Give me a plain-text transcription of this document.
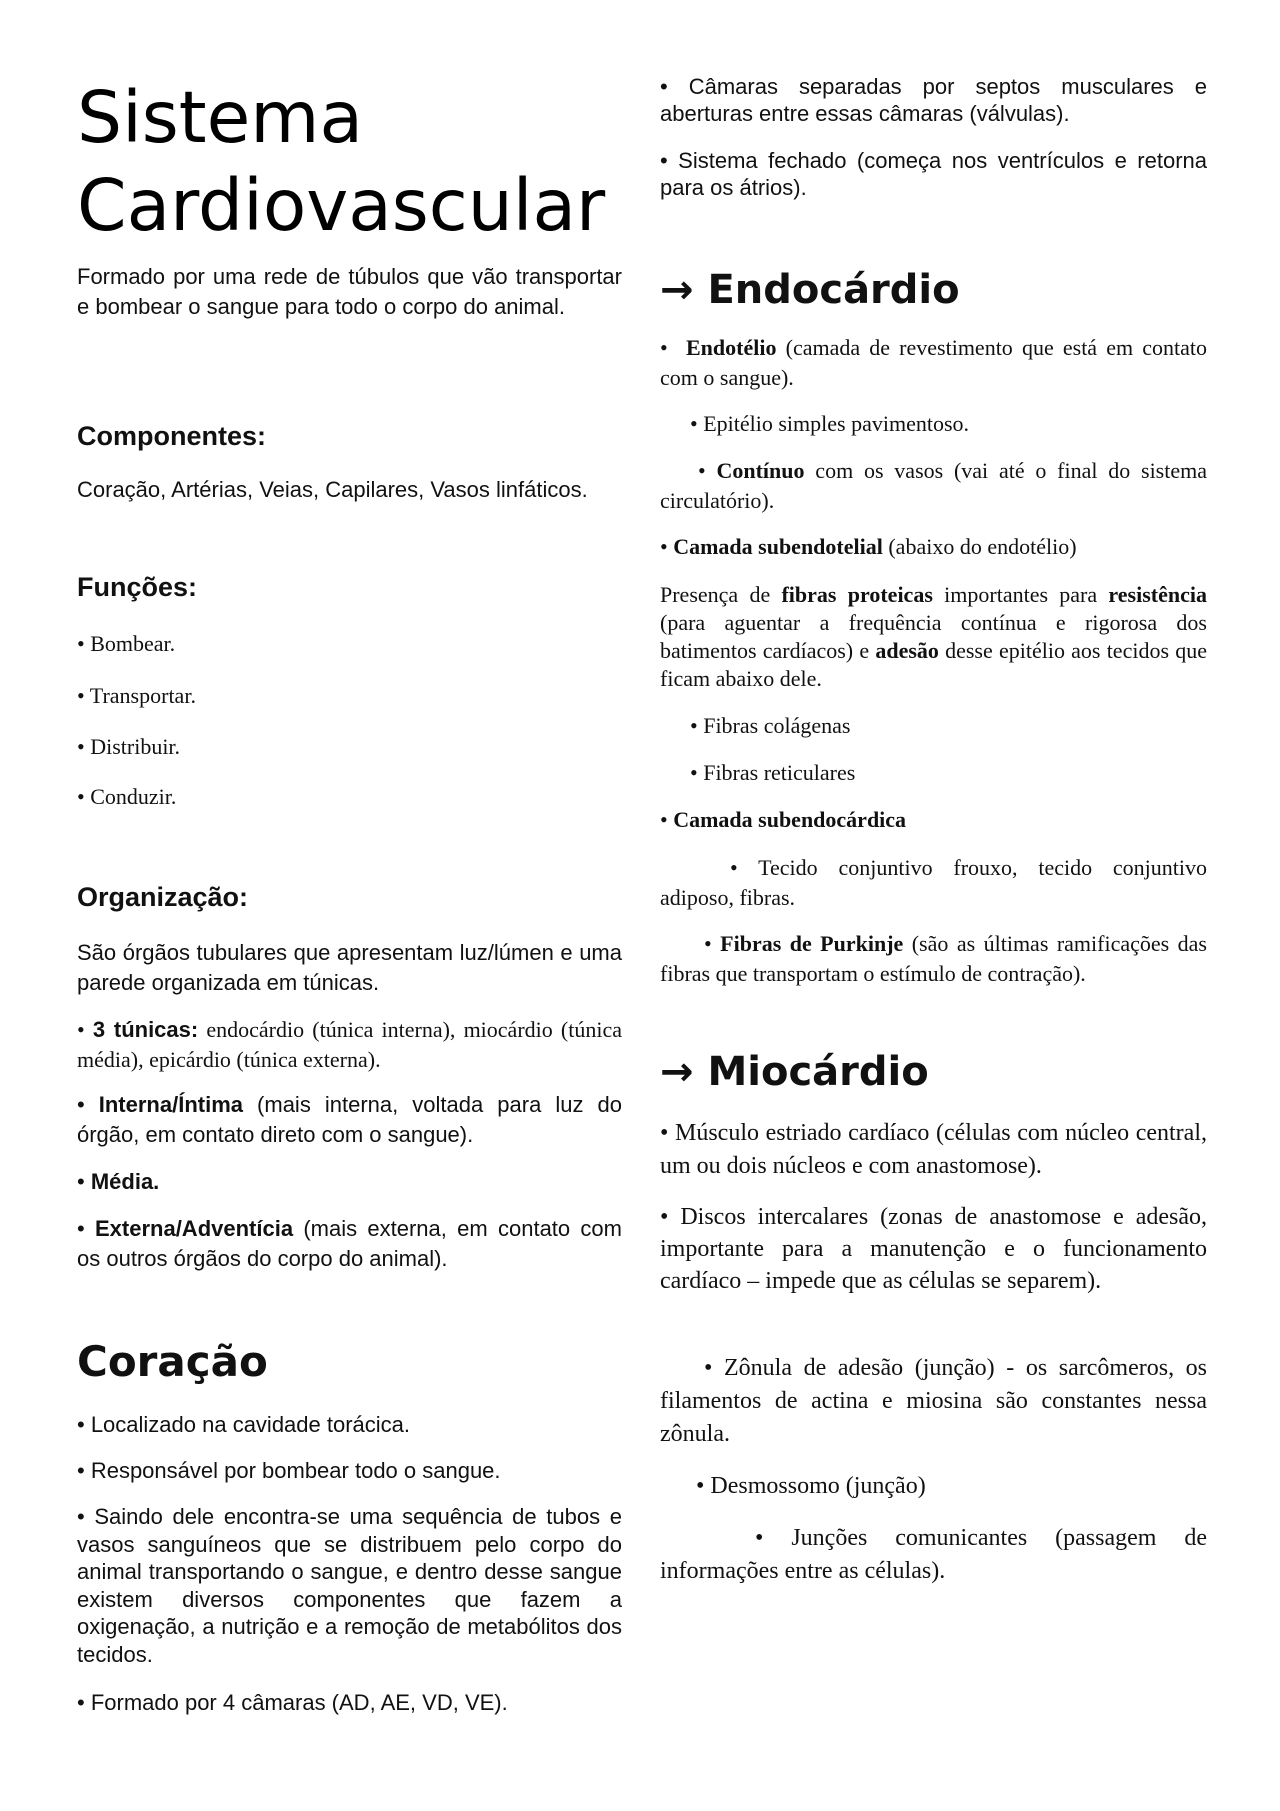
Sistema Cardiovascular

Formado por uma rede de túbulos que vão transportar e bombear o sangue para todo o corpo do animal.

Componentes:

Coração, Artérias, Veias, Capilares, Vasos linfáticos.

Funções:

• Bombear.

• Transportar.

• Distribuir.

• Conduzir.

Organização:

São órgãos tubulares que apresentam luz/lúmen e uma parede organizada em túnicas.

• 3 túnicas: endocárdio (túnica interna), miocárdio (túnica média), epicárdio (túnica externa).

• Interna/Íntima (mais interna, voltada para luz do órgão, em contato direto com o sangue).

• Média.

• Externa/Adventícia (mais externa, em contato com os outros órgãos do corpo do animal).

Coração

• Localizado na cavidade torácica.

• Responsável por bombear todo o sangue.

• Saindo dele encontra-se uma sequência de tubos e vasos sanguíneos que se distribuem pelo corpo do animal transportando o sangue, e dentro desse sangue existem diversos componentes que fazem a oxigenação, a nutrição e a remoção de metabólitos dos tecidos.

• Formado por 4 câmaras (AD, AE, VD, VE).

• Câmaras separadas por septos musculares e aberturas entre essas câmaras (válvulas).

• Sistema fechado (começa nos ventrículos e retorna para os átrios).

→ Endocárdio

•  Endotélio (camada de revestimento que está em contato com o sangue).

• Epitélio simples pavimentoso.

• Contínuo com os vasos (vai até o final do sistema circulatório).

• Camada subendotelial (abaixo do endotélio)

Presença de fibras proteicas importantes para resistência (para aguentar a frequência contínua e rigorosa dos batimentos cardíacos) e adesão desse epitélio aos tecidos que ficam abaixo dele.

• Fibras colágenas

• Fibras reticulares

• Camada subendocárdica

• Tecido conjuntivo frouxo, tecido conjuntivo adiposo, fibras.

• Fibras de Purkinje (são as últimas ramificações das fibras que transportam o estímulo de contração).

→ Miocárdio

• Músculo estriado cardíaco (células com núcleo central, um ou dois núcleos e com anastomose).

• Discos intercalares (zonas de anastomose e adesão, importante para a manutenção e o funcionamento cardíaco – impede que as células se separem).

• Zônula de adesão (junção) - os sarcômeros, os filamentos de actina e miosina são constantes nessa zônula.

• Desmossomo (junção)

• Junções comunicantes (passagem de informações entre as células).
